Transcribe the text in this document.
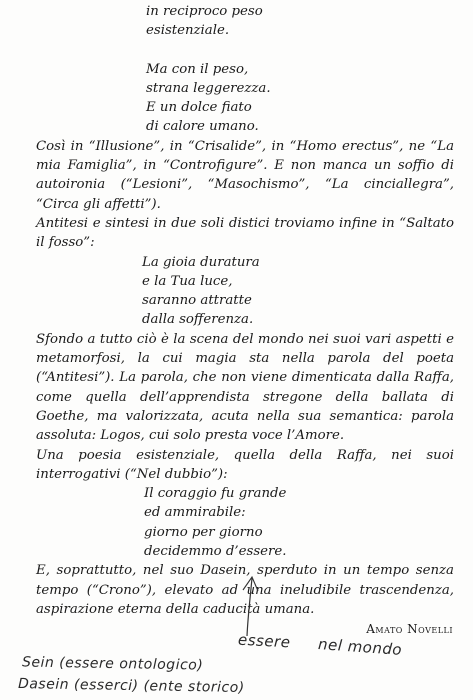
in reciproco peso
esistenziale.
Ma con il peso,
strana leggerezza.
E un dolce fiato
di calore umano.

Così in “Illusione”, in “Crisalide”, in “Homo erectus”, ne “La mia Famiglia”, in “Controfigure”. E non manca un soffio di autoironia (“Lesioni”, “Masochismo”, “La cinciallegra”, “Circa gli affetti”).

Antitesi e sintesi in due soli distici troviamo infine in “Saltato il fosso”:

La gioia duratura
e la Tua luce,
saranno attratte
dalla sofferenza.

Sfondo a tutto ciò è la scena del mondo nei suoi vari aspetti e metamorfosi, la cui magia sta nella parola del poeta (“Antitesi”). La parola, che non viene dimenticata dalla Raffa, come quella dell’apprendista stregone della ballata di Goethe, ma valorizzata, acuta nella sua semantica: parola assoluta: Logos, cui solo presta voce l’Amore.

Una poesia esistenziale, quella della Raffa, nei suoi interrogativi (“Nel dubbio”):

Il coraggio fu grande
ed ammirabile:
giorno per giorno
decidemmo d’essere.

E, soprattutto, nel suo Dasein, sperduto in un tempo senza tempo (“Crono”), elevato ad una ineludibile trascendenza, aspirazione eterna della caducità umana.

Amato Novelli
essere nel mondo
Sein (essere ontologico)
Dasein (esserci) (ente storico)
